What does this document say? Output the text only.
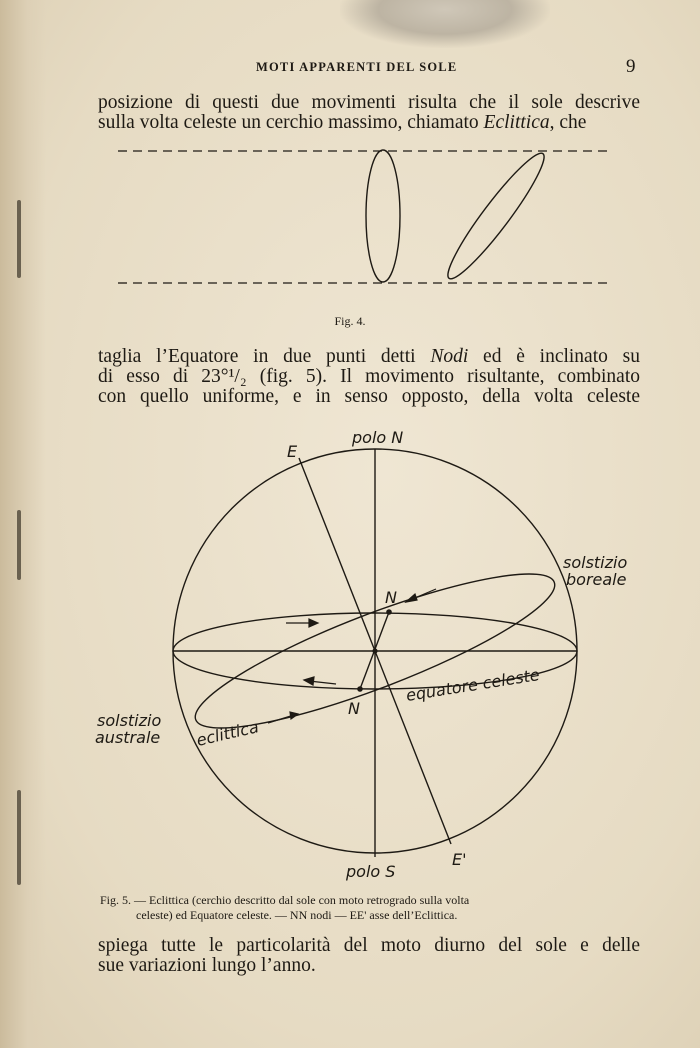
MOTI APPARENTI DEL SOLE	9

posizione di questi due movimenti risulta che il sole descrive
sulla volta celeste un cerchio massimo, chiamato Eclittica, che

Fig. 4.

taglia l’Equatore in due punti detti Nodi ed è inclinato su
di esso di 23°¹/₂ (fig. 5). Il movimento risultante, combinato
con quello uniforme, e in senso opposto, della volta celeste

polo N
E
solstizio
boreale
N
N
equatore celeste
solstizio
australe eclittica
E'
polo S
Fig. 5. — Eclittica (cerchio descritto dal sole con moto retrogrado sulla volta
celeste) ed Equatore celeste. — NN nodi — EE' asse dell’Eclittica.

spiega tutte le particolarità del moto diurno del sole e delle
sue variazioni lungo l’anno.
